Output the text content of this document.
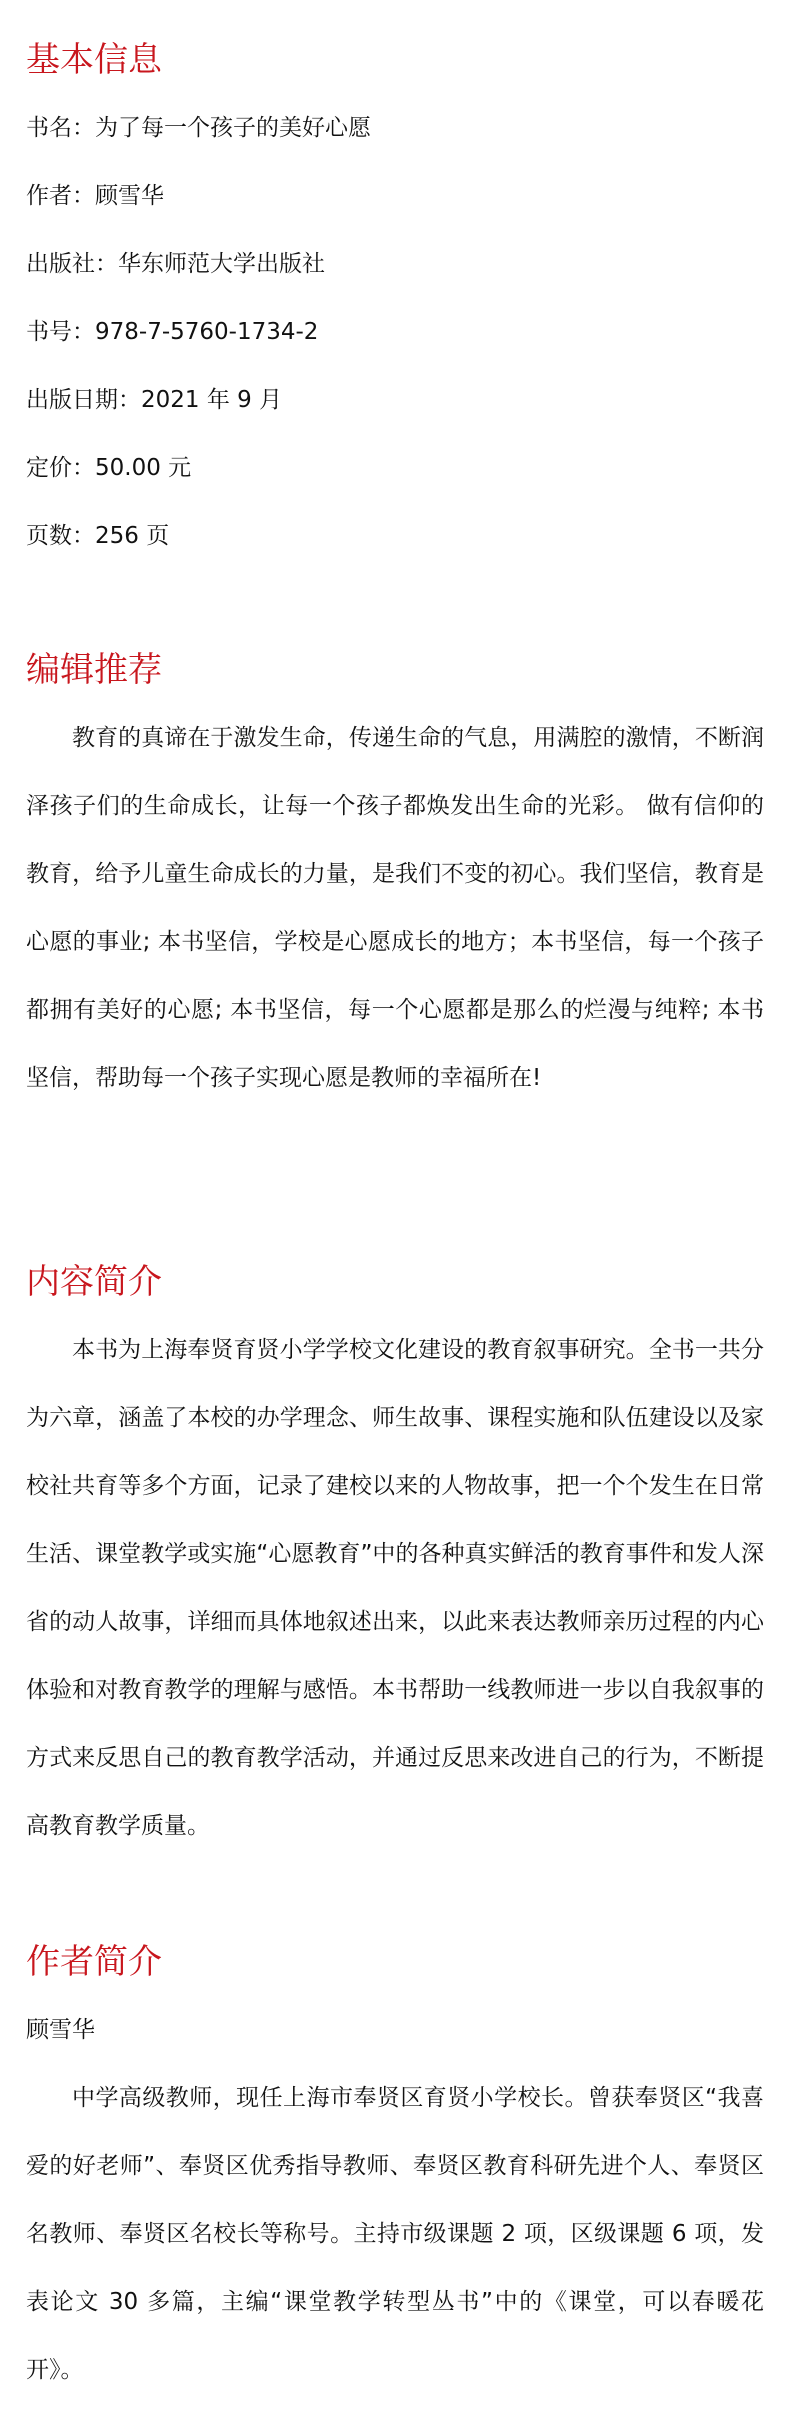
基本信息

书名：为了每一个孩子的美好心愿

作者：顾雪华

出版社：华东师范大学出版社

书号：978-7-5760-1734-2

出版日期：2021 年 9 月

定价：50.00 元

页数：256 页

编辑推荐

教育的真谛在于激发生命，传递生命的气息，用满腔的激情，不断润泽孩子们的生命成长，让每一个孩子都焕发出生命的光彩。 做有信仰的教育，给予儿童生命成长的力量，是我们不变的初心。我们坚信，教育是心愿的事业; 本书坚信，学校是心愿成长的地方；本书坚信，每一个孩子都拥有美好的心愿; 本书坚信，每一个心愿都是那么的烂漫与纯粹; 本书坚信，帮助每一个孩子实现心愿是教师的幸福所在!

内容简介

本书为上海奉贤育贤小学学校文化建设的教育叙事研究。全书一共分为六章，涵盖了本校的办学理念、师生故事、课程实施和队伍建设以及家校社共育等多个方面，记录了建校以来的人物故事，把一个个发生在日常生活、课堂教学或实施“心愿教育”中的各种真实鲜活的教育事件和发人深省的动人故事，详细而具体地叙述出来，以此来表达教师亲历过程的内心体验和对教育教学的理解与感悟。本书帮助一线教师进一步以自我叙事的方式来反思自己的教育教学活动，并通过反思来改进自己的行为，不断提高教育教学质量。

作者简介

顾雪华

中学高级教师，现任上海市奉贤区育贤小学校长。曾获奉贤区“我喜爱的好老师”、奉贤区优秀指导教师、奉贤区教育科研先进个人、奉贤区名教师、奉贤区名校长等称号。主持市级课题 2 项，区级课题 6 项，发表论文 30 多篇，主编“课堂教学转型丛书”中的《课堂，可以春暖花开》。
